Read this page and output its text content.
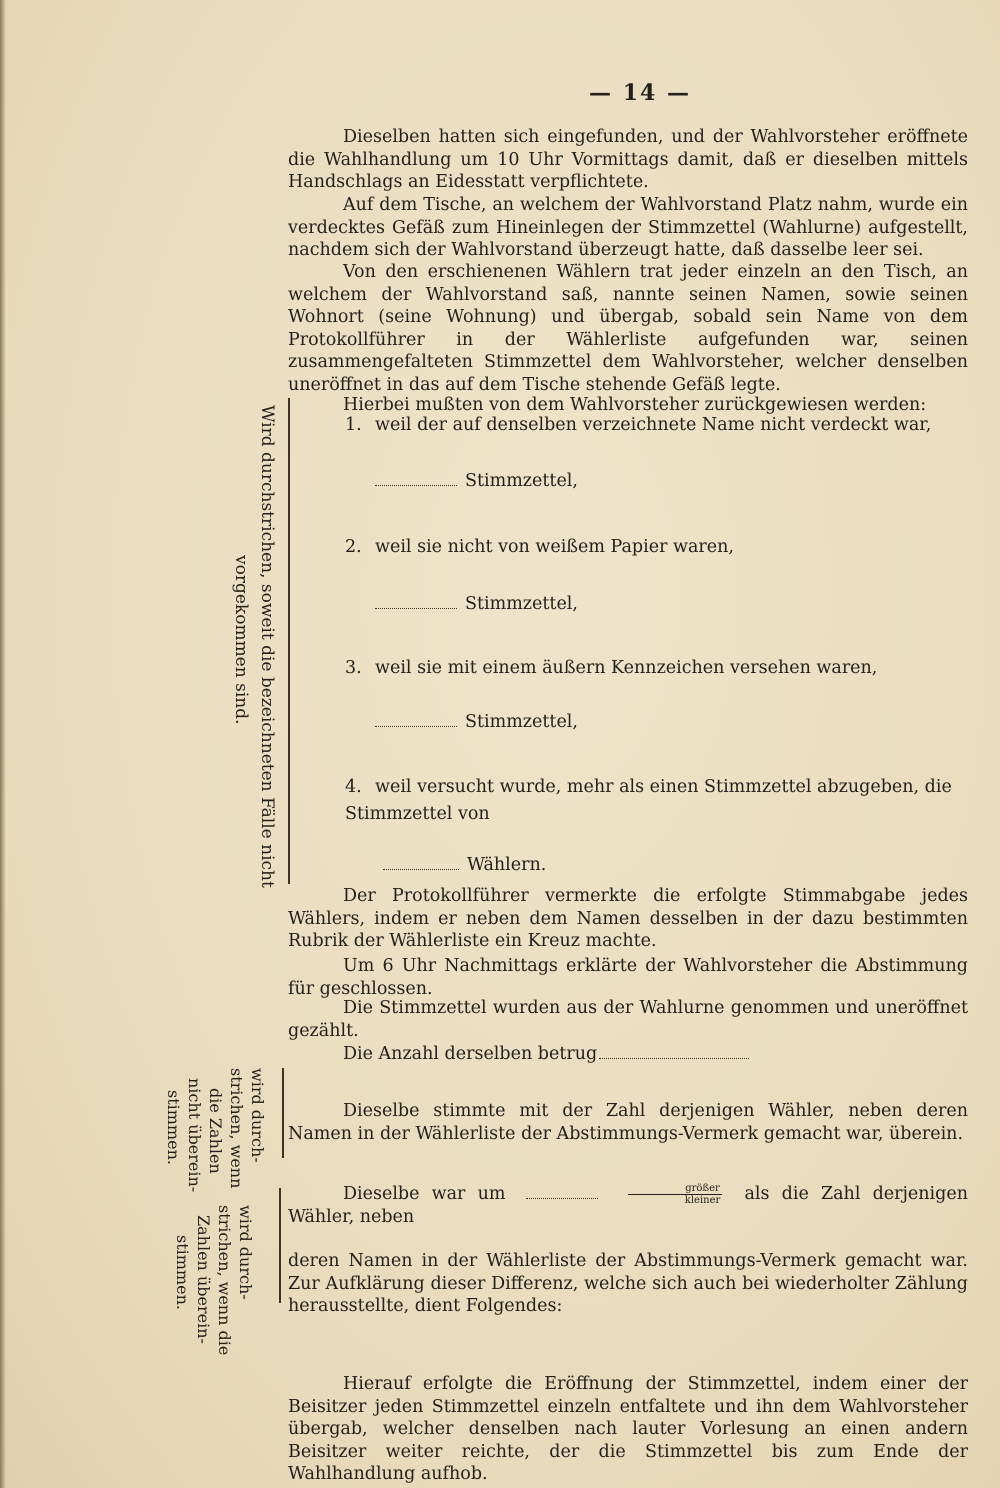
— 14 —

Dieselben hatten sich eingefunden, und der Wahlvorsteher eröffnete die Wahlhandlung um 10 Uhr Vormittags damit, daß er dieselben mittels Handschlags an Eidesstatt verpflichtete.

Auf dem Tische, an welchem der Wahlvorstand Platz nahm, wurde ein verdecktes Gefäß zum Hineinlegen der Stimmzettel (Wahlurne) aufgestellt, nachdem sich der Wahlvorstand überzeugt hatte, daß dasselbe leer sei.

Von den erschienenen Wählern trat jeder einzeln an den Tisch, an welchem der Wahlvorstand saß, nannte seinen Namen, sowie seinen Wohnort (seine Wohnung) und übergab, sobald sein Name von dem Protokollführer in der Wählerliste aufgefunden war, seinen zusammengefalteten Stimmzettel dem Wahlvorsteher, welcher denselben uneröffnet in das auf dem Tische stehende Gefäß legte.

Hierbei mußten von dem Wahlvorsteher zurückgewiesen werden:

1. weil der auf denselben verzeichnete Name nicht verdeckt war,

Stimmzettel,

2. weil sie nicht von weißem Papier waren,

Stimmzettel,

3. weil sie mit einem äußern Kennzeichen versehen waren,

Stimmzettel,

4. weil versucht wurde, mehr als einen Stimmzettel abzugeben, die Stimmzettel von

Wählern.
Wird durchstrichen, soweit die bezeichneten Fälle nicht
vorgekommen sind.

Der Protokollführer vermerkte die erfolgte Stimmabgabe jedes Wählers, indem er neben dem Namen desselben in der dazu bestimmten Rubrik der Wählerliste ein Kreuz machte.

Um 6 Uhr Nachmittags erklärte der Wahlvorsteher die Abstimmung für geschlossen.

Die Stimmzettel wurden aus der Wahlurne genommen und uneröffnet gezählt.

Die Anzahl derselben betrug
wird durch-
strichen, wenn
die Zahlen
nicht überein-
stimmen.	Dieselbe stimmte mit der Zahl derjenigen Wähler, neben deren Namen in der Wählerliste der Abstimmungs-Vermerk gemacht war, überein.

Dieselbe war um	$\frac{\text{größer}}{\text{kleiner}}$ als die Zahl derjenigen Wähler, neben
wird durch-
strichen, wenn die
Zahlen überein-
stimmen.	deren Namen in der Wählerliste der Abstimmungs-Vermerk gemacht war. Zur Aufklärung dieser Differenz, welche sich auch bei wiederholter Zählung herausstellte, dient Folgendes:

Hierauf erfolgte die Eröffnung der Stimmzettel, indem einer der Beisitzer jeden Stimmzettel einzeln entfaltete und ihn dem Wahlvorsteher übergab, welcher denselben nach lauter Vorlesung an einen andern Beisitzer weiter reichte, der die Stimmzettel bis zum Ende der Wahlhandlung aufhob.
